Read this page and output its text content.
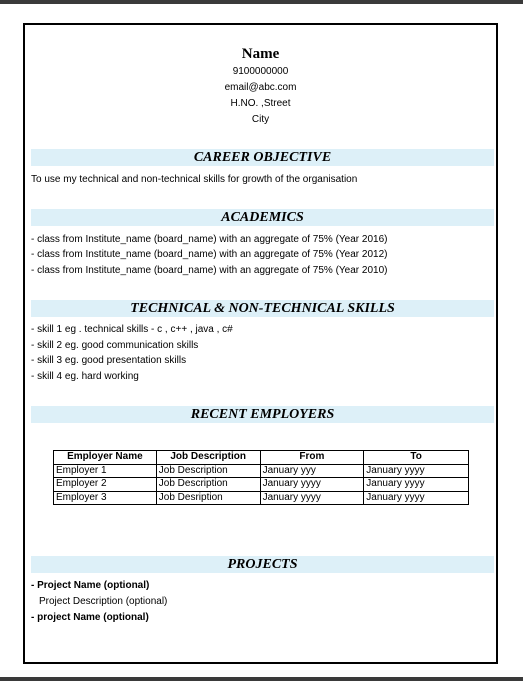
Name
9100000000
email@abc.com
H.NO. ,Street
City
CAREER OBJECTIVE
To use my technical and non-technical skills for growth of the organisation
ACADEMICS
- class from Institute_name (board_name) with an aggregate of 75% (Year 2016)
- class from Institute_name (board_name) with an aggregate of 75% (Year 2012)
- class from Institute_name (board_name) with an aggregate of 75% (Year 2010)
TECHNICAL & NON-TECHNICAL SKILLS
- skill 1 eg . technical skills - c , c++ , java , c#
- skill 2 eg. good communication skills
- skill 3 eg. good presentation skills
- skill 4 eg. hard working
RECENT EMPLOYERS
Employer Name	Job Description	From	To
Employer 1	Job Description	January yyy	January yyyy
Employer 2	Job Description	January yyyy	January yyyy
Employer 3	Job Desription	January yyyy	January yyyy
PROJECTS
- Project Name (optional)
Project Description (optional)
- project Name (optional)
